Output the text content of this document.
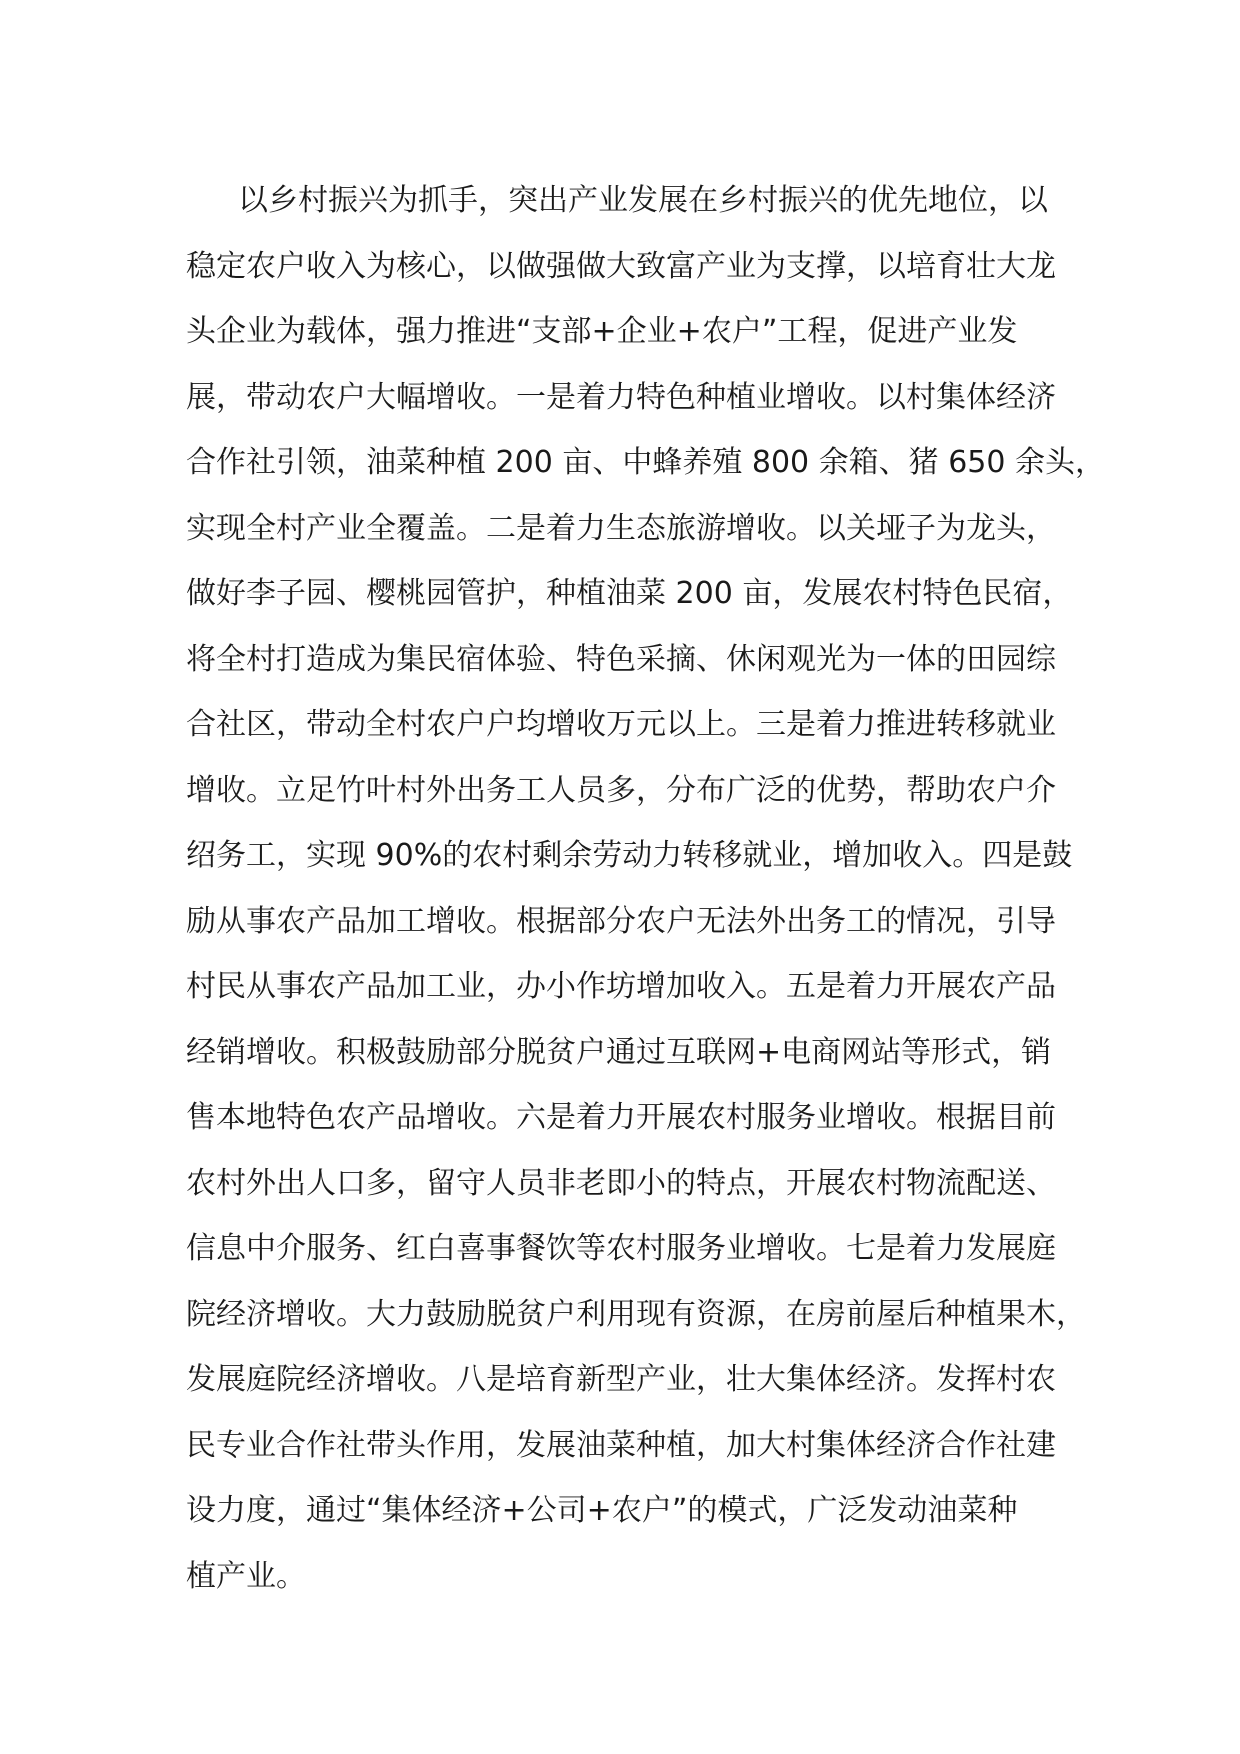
以乡村振兴为抓手，突出产业发展在乡村振兴的优先地位，以
稳定农户收入为核心，以做强做大致富产业为支撑，以培育壮大龙
头企业为载体，强力推进“支部+企业+农户”工程，促进产业发
展，带动农户大幅增收。一是着力特色种植业增收。以村集体经济
合作社引领，油菜种植 200 亩、中蜂养殖 800 余箱、猪 650 余头，
实现全村产业全覆盖。二是着力生态旅游增收。以关垭子为龙头，
做好李子园、樱桃园管护，种植油菜 200 亩，发展农村特色民宿，
将全村打造成为集民宿体验、特色采摘、休闲观光为一体的田园综
合社区，带动全村农户户均增收万元以上。三是着力推进转移就业
增收。立足竹叶村外出务工人员多，分布广泛的优势，帮助农户介
绍务工，实现 90%的农村剩余劳动力转移就业，增加收入。四是鼓
励从事农产品加工增收。根据部分农户无法外出务工的情况，引导
村民从事农产品加工业，办小作坊增加收入。五是着力开展农产品
经销增收。积极鼓励部分脱贫户通过互联网+电商网站等形式，销
售本地特色农产品增收。六是着力开展农村服务业增收。根据目前
农村外出人口多，留守人员非老即小的特点，开展农村物流配送、
信息中介服务、红白喜事餐饮等农村服务业增收。七是着力发展庭
院经济增收。大力鼓励脱贫户利用现有资源，在房前屋后种植果木，
发展庭院经济增收。八是培育新型产业，壮大集体经济。发挥村农
民专业合作社带头作用，发展油菜种植，加大村集体经济合作社建
设力度，通过“集体经济+公司+农户”的模式，广泛发动油菜种
植产业。
